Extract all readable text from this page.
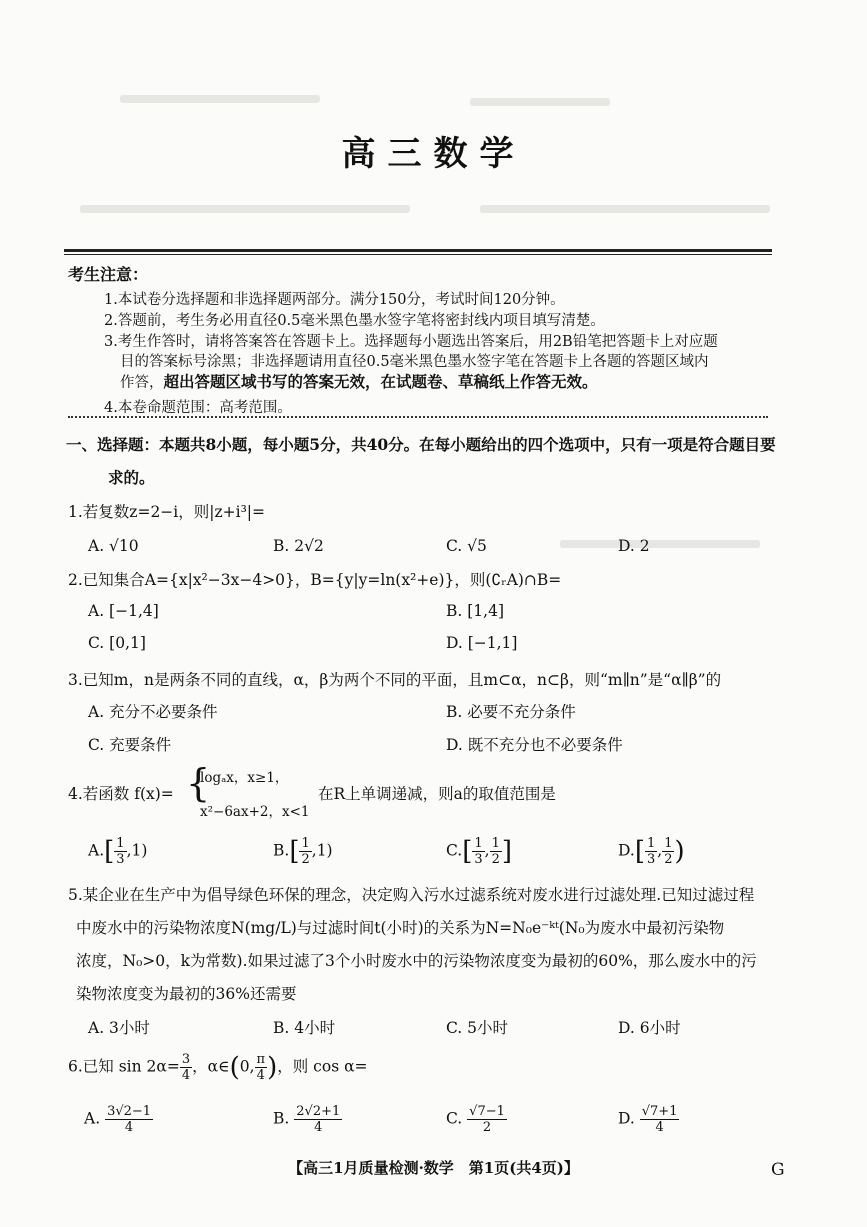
高三数学
考生注意：
1.本试卷分选择题和非选择题两部分。满分150分，考试时间120分钟。
2.答题前，考生务必用直径0.5毫米黑色墨水签字笔将密封线内项目填写清楚。
3.考生作答时，请将答案答在答题卡上。选择题每小题选出答案后，用2B铅笔把答题卡上对应题
目的答案标号涂黑；非选择题请用直径0.5毫米黑色墨水签字笔在答题卡上各题的答题区域内
作答，超出答题区域书写的答案无效，在试题卷、草稿纸上作答无效。
4.本卷命题范围：高考范围。
一、选择题：本题共8小题，每小题5分，共40分。在每小题给出的四个选项中，只有一项是符合题目要
求的。
1.若复数z=2−i，则|z+i³|=
A. √10	B. 2√2	C. √5	D. 2
2.已知集合A={x|x²−3x−4>0}，B={y|y=ln(x²+e)}，则(∁ᵣA)∩B=
A. [−1,4]	B. [1,4]
C. [0,1]	D. [−1,1]
3.已知m，n是两条不同的直线，α，β为两个不同的平面，且m⊂α，n⊂β，则“m∥n”是“α∥β”的
A. 充分不必要条件	B. 必要不充分条件
C. 充要条件	D. 既不充分也不必要条件
4.若函数 f(x)= {
logₐx，x≥1，
x²−6ax+2，x<1
在R上单调递减，则a的取值范围是
$A.[ \frac{1}{3} ,1)$	$B.[ \frac{1}{2} ,1)$	$C.[ \frac{1}{3}$ , $\frac{1}{2}$ ]	$D.[ \frac{1}{3}$ , $\frac{1}{2}$ )
5.某企业在生产中为倡导绿色环保的理念，决定购入污水过滤系统对废水进行过滤处理.已知过滤过程
中废水中的污染物浓度N(mg/L)与过滤时间t(小时)的关系为N=N₀e⁻ᵏᵗ(N₀为废水中最初污染物
浓度，N₀>0，k为常数).如果过滤了3个小时废水中的污染物浓度变为最初的60%，那么废水中的污
染物浓度变为最初的36%还需要
A. 3小时	B. 4小时	C. 5小时	D. 6小时
6.已知 $\sin 2\alpha= \frac{3}{4}$ ，α∈(0, $\frac{\pi}{4}$ )，则 cos α=
A. $\frac{3√2-1}{4}$	B. $\frac{2√2+1}{4}$	C. $\frac{√7-1}{2}$	D. $\frac{√7+1}{4}$
【高三1月质量检测·数学　第1页(共4页)】	G
